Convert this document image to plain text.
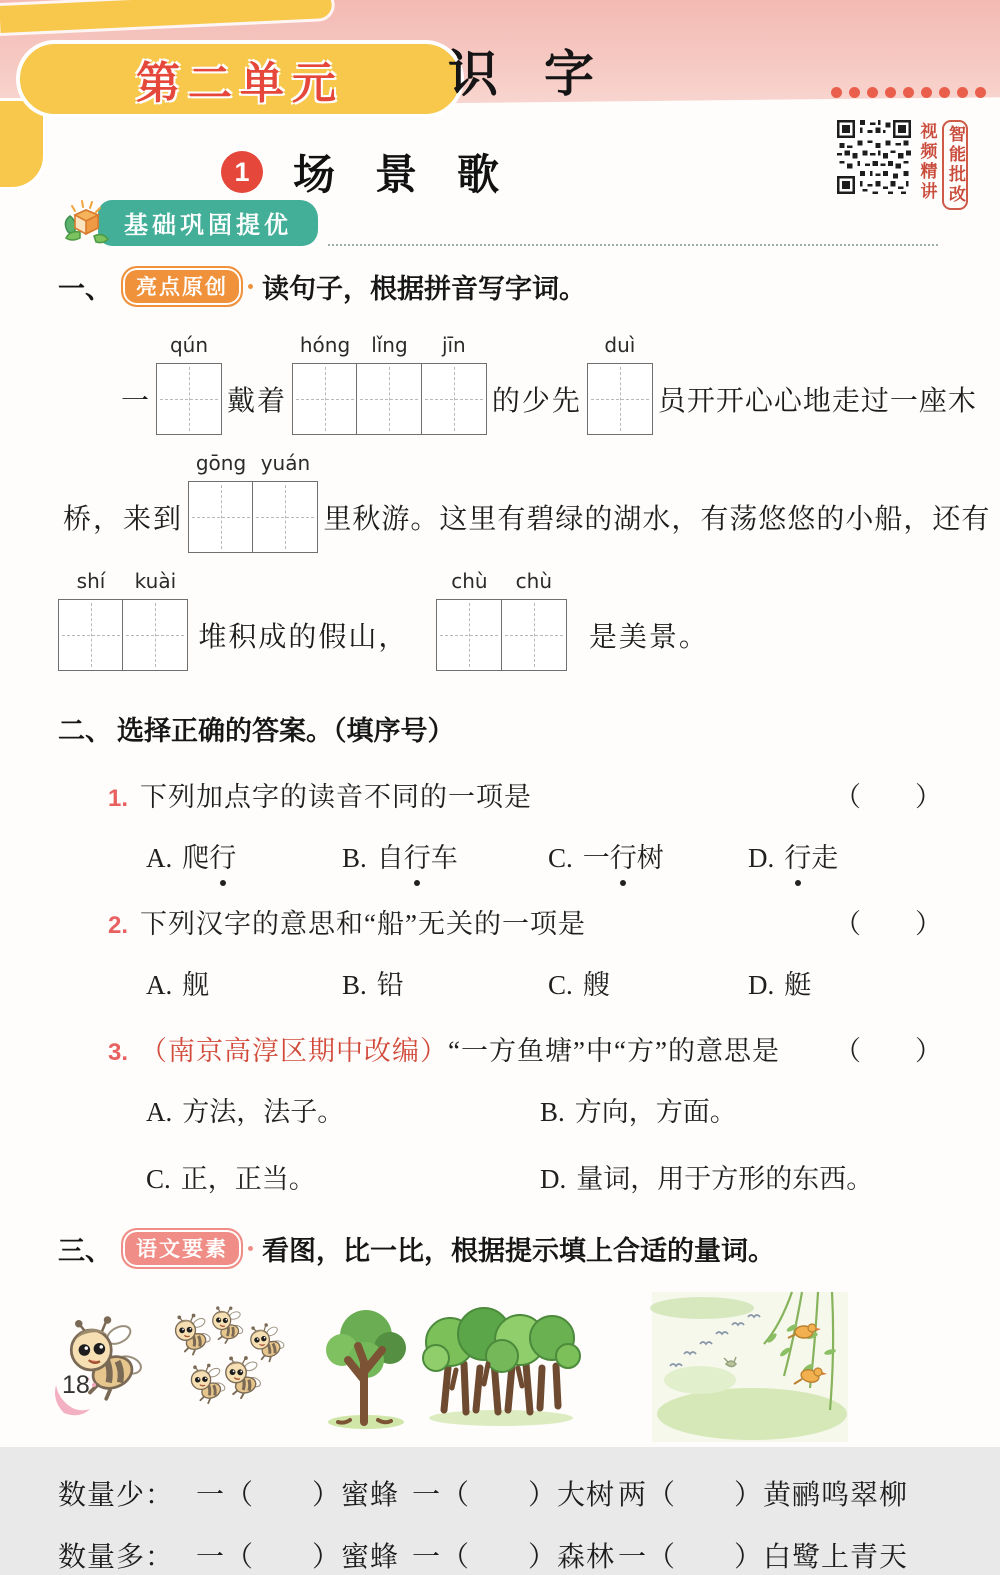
第二单元 识字
视频精讲 智能批改
1	场景歌
基础巩固提优
一、	亮点原创	读句子，根据拼音写字词。
一
qún
戴着
hóng	lǐng	jīn
的少先
duì
员开开心心地走过一座木
桥，来到
gōng yuán
里秋游。这里有碧绿的湖水，有荡悠悠的小船，还有
shí	kuài
堆积成的假山，
chù	chù
是美景。
二、 选择正确的答案。（填序号）
1. 下列加点字的读音不同的一项是	（　　）
A. 爬行	B. 自行车	C. 一行树	D. 行走
2. 下列汉字的意思和“船”无关的一项是	（　　）
A. 舰	B. 铅	C. 艘	D. 艇
3. （南京高淳区期中改编） “一方鱼塘”中“方”的意思是 （　　）
A. 方法，法子。	B. 方向，方面。
C. 正，正当。	D. 量词，用于方形的东西。
三、	语文要素	看图，比一比，根据提示填上合适的量词。
数量少： 一（　　）蜜蜂 一（　　）大树 两（　　）黄鹂鸣翠柳
数量多： 一（　　）蜜蜂 一（　　）森林 一（　　）白鹭上青天
18
